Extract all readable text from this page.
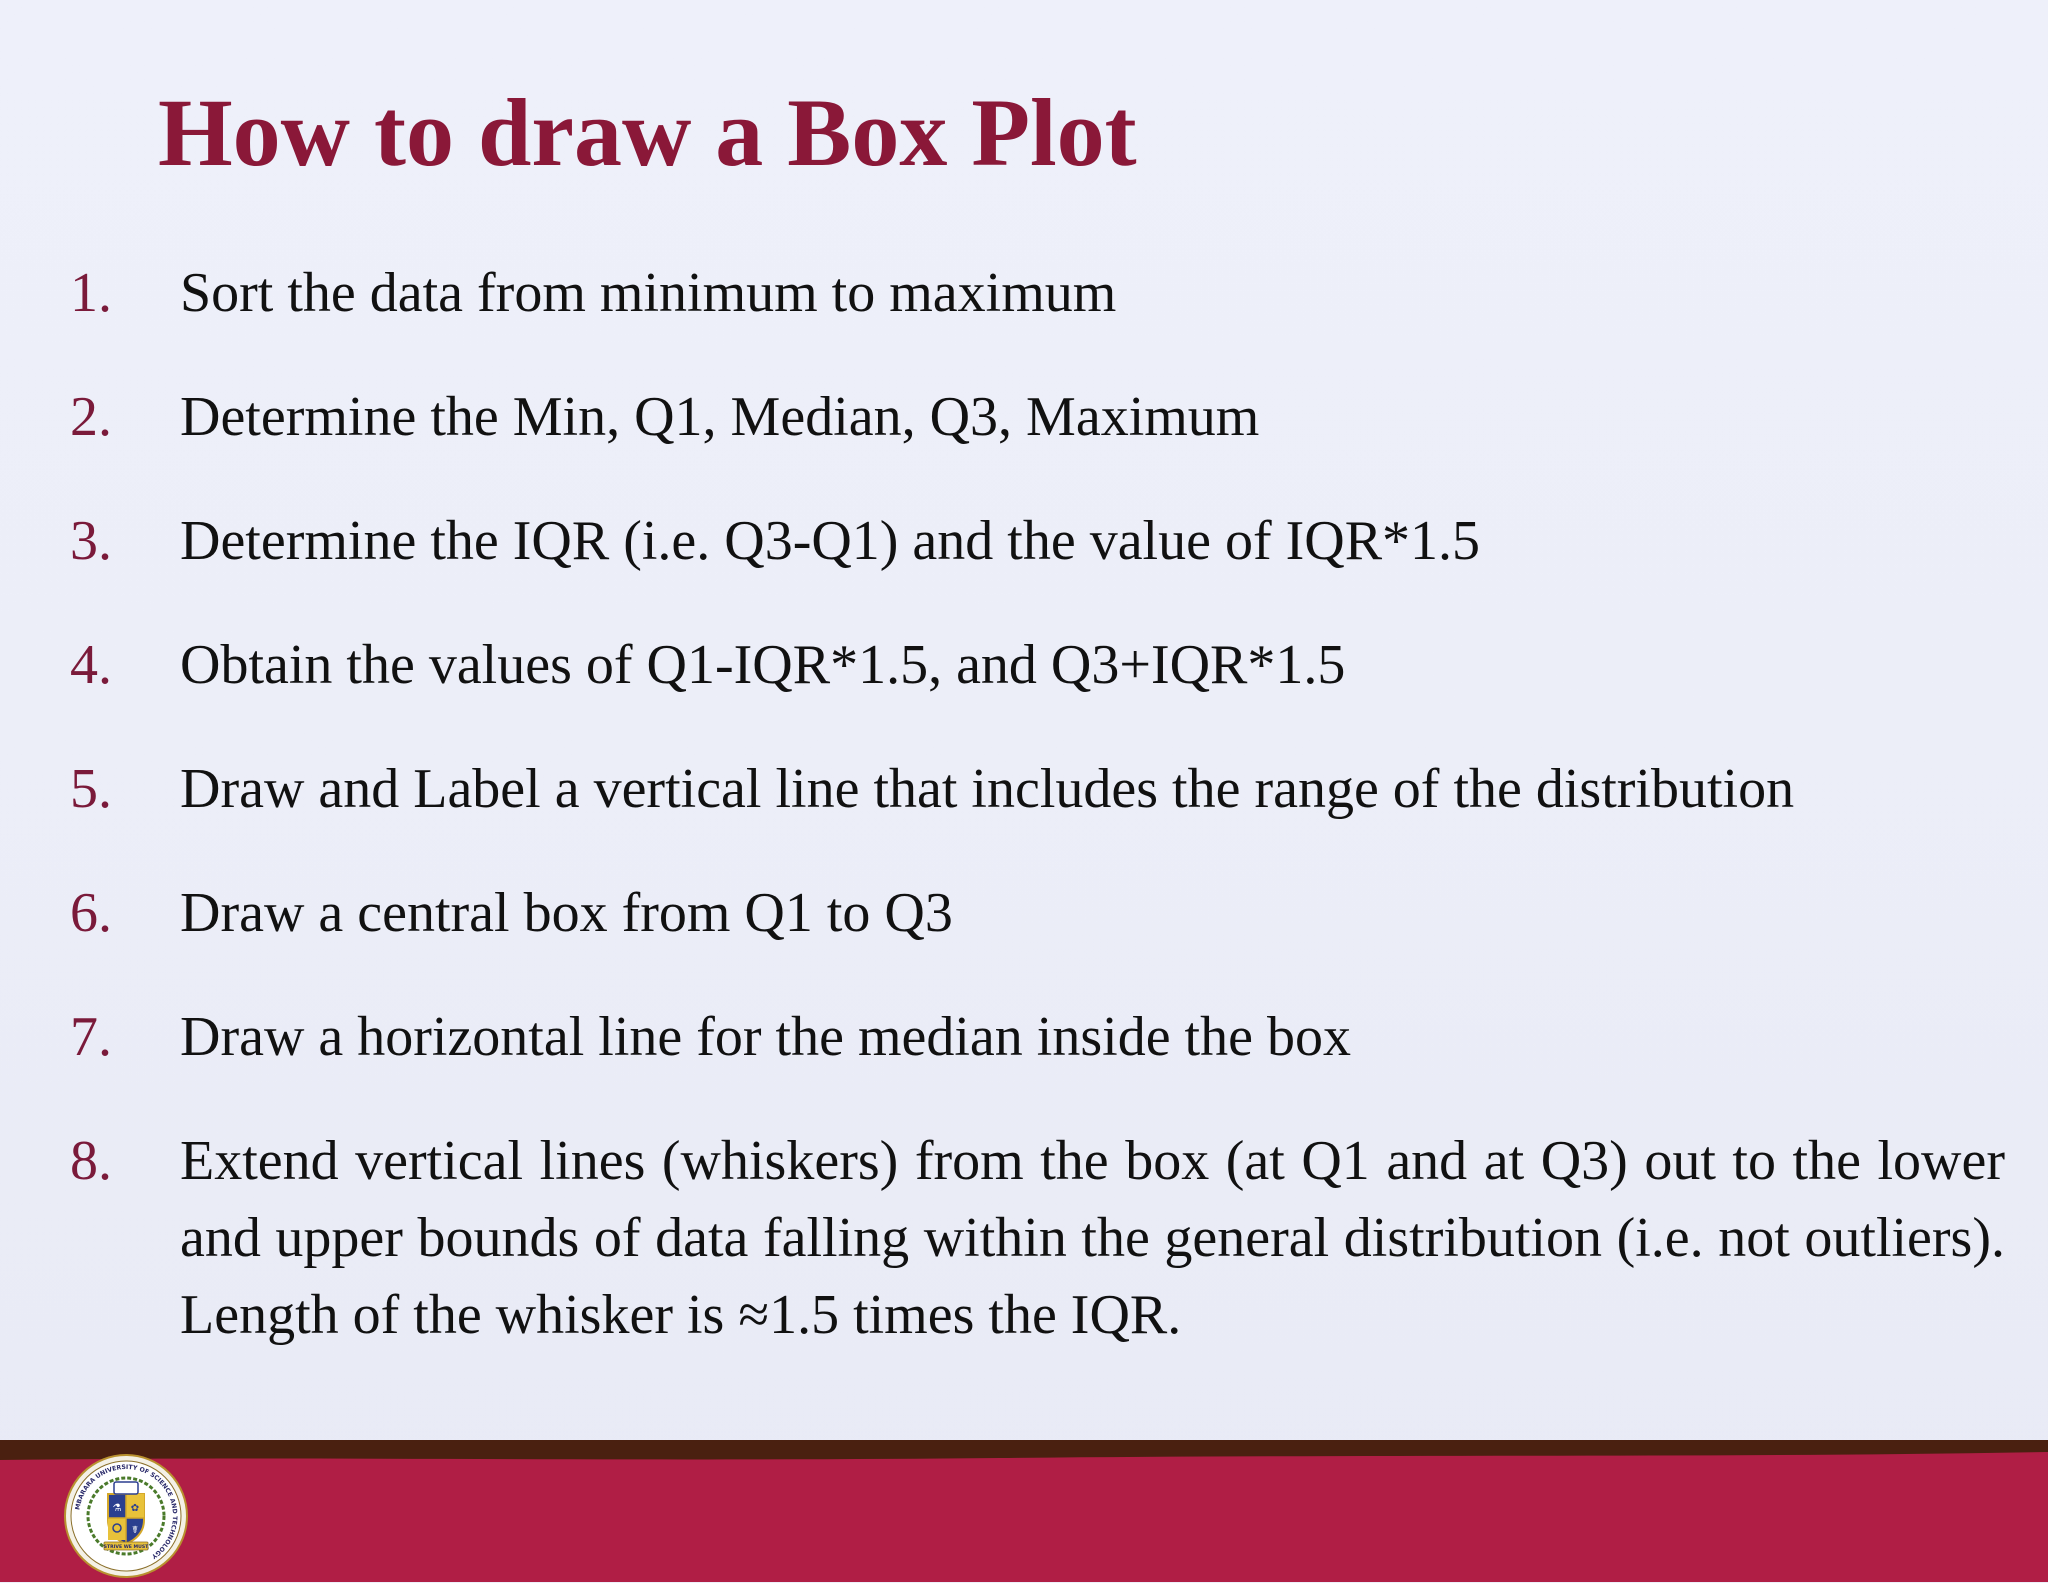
How to draw a Box Plot
1.	Sort the data from minimum to maximum
2.	Determine the Min, Q1, Median, Q3, Maximum
3.	Determine the IQR (i.e. Q3-Q1) and the value of IQR*1.5
4.	Obtain the values of Q1-IQR*1.5, and Q3+IQR*1.5
5.	Draw and Label a vertical line that includes the range of the distribution
6.	Draw a central box from Q1 to Q3
7.	Draw a horizontal line for the median inside the box
8.	Extend vertical lines (whiskers) from the box (at Q1 and at Q3) out to the lower and upper bounds of data falling within the general distribution (i.e. not outliers). Length of the whisker is ≈1.5 times the IQR.
MBARARA UNIVERSITY OF SCIENCE AND TECHNOLOGY
⚗ ✿
☤
STRIVE WE MUST
